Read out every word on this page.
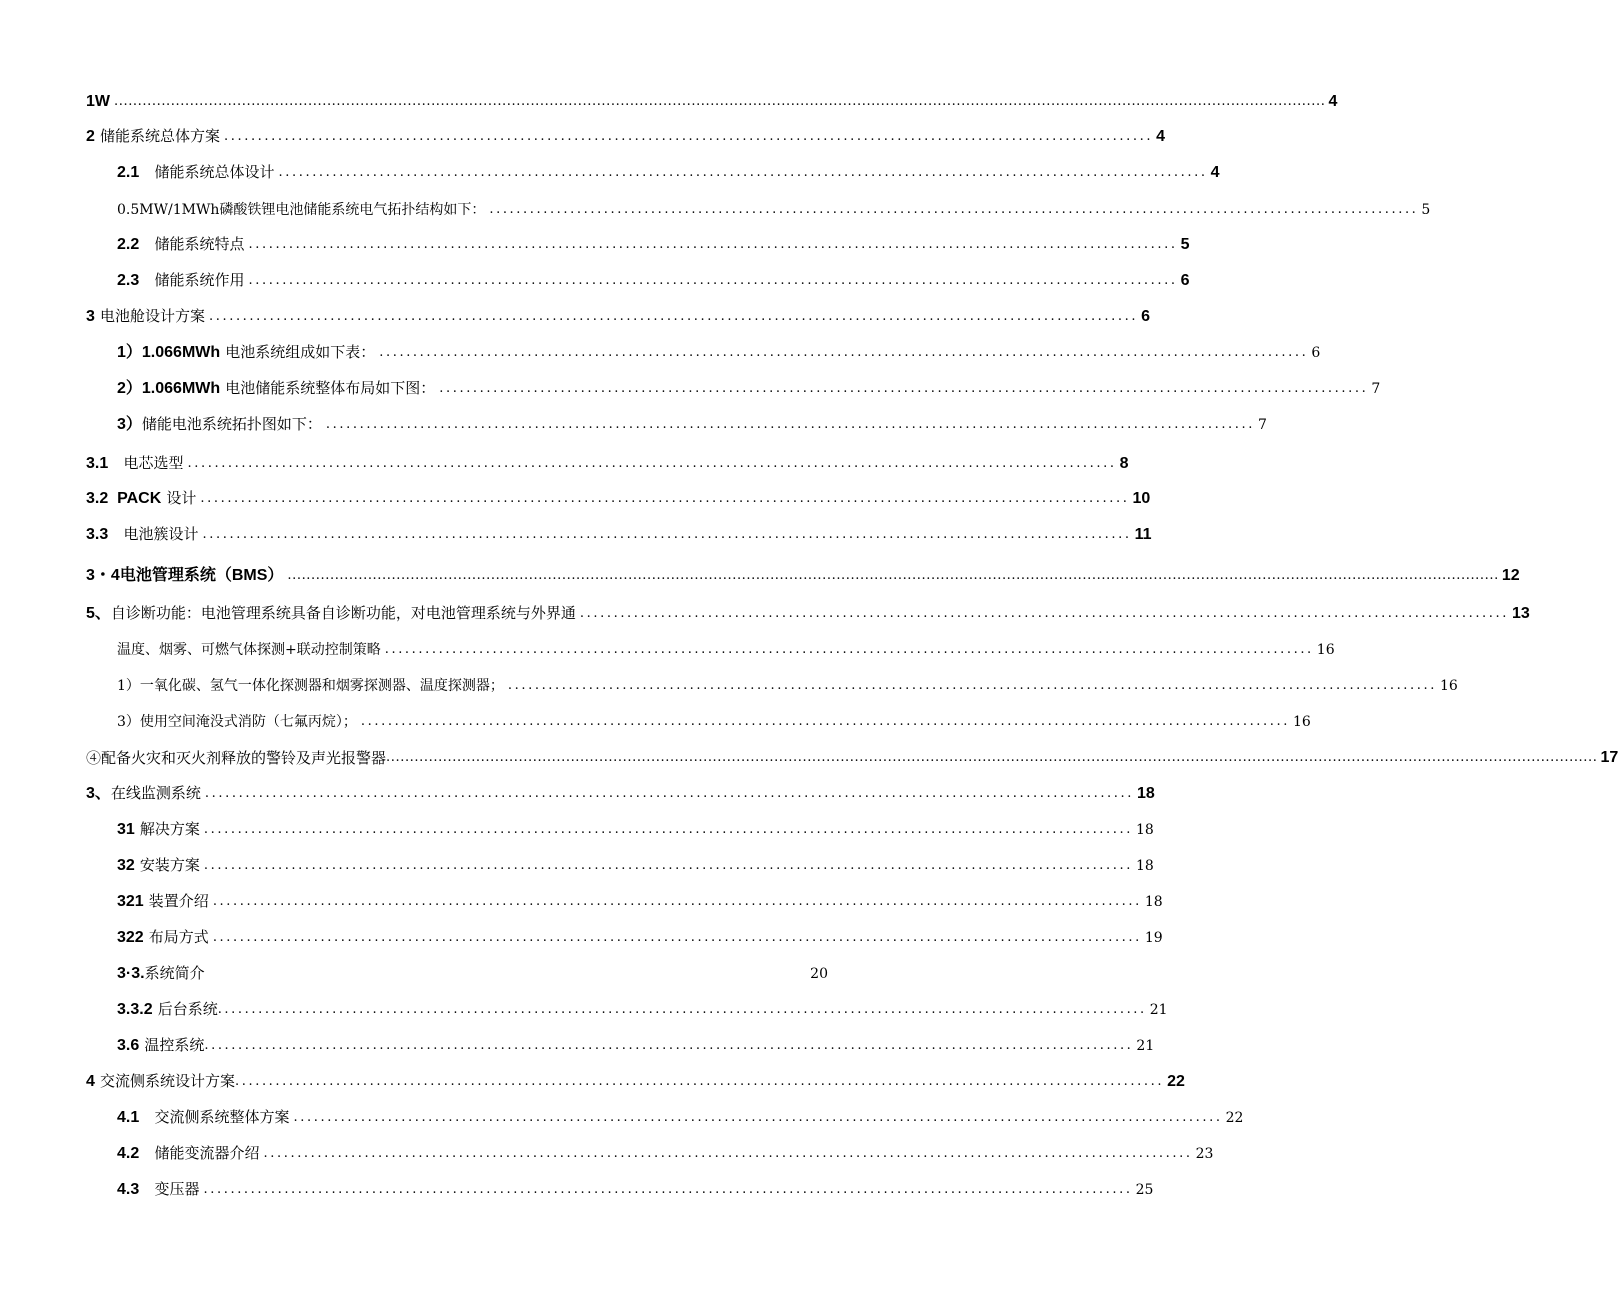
1W ................................................................................................................................................................................................................................................................ 4
2 储能系统总体方案 .......................................................................................................................................... 4
2.1 储能系统总体设计 .......................................................................................................................................... 4
0.5MW/1MWh磷酸铁锂电池储能系统电气拓扑结构如下： .......................................................................................................................................... 5
2.2 储能系统特点 .......................................................................................................................................... 5
2.3 储能系统作用 .......................................................................................................................................... 6
3 电池舱设计方案 .......................................................................................................................................... 6
1）1.066MWh 电池系统组成如下表： .......................................................................................................................................... 6
2）1.066MWh 电池储能系统整体布局如下图： .......................................................................................................................................... 7
3）储能电池系统拓扑图如下： .......................................................................................................................................... 7
3.1 电芯选型 .......................................................................................................................................... 8
3.2  PACK 设计 .......................................................................................................................................... 10
3.3 电池簇设计 .......................................................................................................................................... 11
3・4电池管理系统（BMS） ................................................................................................................................................................................................................................................................ 12
5、自诊断功能：电池管理系统具备自诊断功能，对电池管理系统与外界通 .......................................................................................................................................... 13
温度、烟雾、可燃气体探测+联动控制策略 .......................................................................................................................................... 16
1）一氧化碳、氢气一体化探测器和烟雾探测器、温度探测器； .......................................................................................................................................... 16
3）使用空间淹没式消防（七氟丙烷）； .......................................................................................................................................... 16
④配备火灾和灭火剂释放的警铃及声光报警器 ................................................................................................................................................................................................................................................................ 17
3、在线监测系统 .......................................................................................................................................... 18
31 解决方案 .......................................................................................................................................... 18
32 安装方案 .......................................................................................................................................... 18
321 装置介绍 .......................................................................................................................................... 18
322 布局方式 .......................................................................................................................................... 19
3·3.系统简介	20
3.3.2 后台系统 .......................................................................................................................................... 21
3.6 温控系统 .......................................................................................................................................... 21
4 交流侧系统设计方案 .......................................................................................................................................... 22
4.1 交流侧系统整体方案 .......................................................................................................................................... 22
4.2 储能变流器介绍 .......................................................................................................................................... 23
4.3 变压器 .......................................................................................................................................... 25
